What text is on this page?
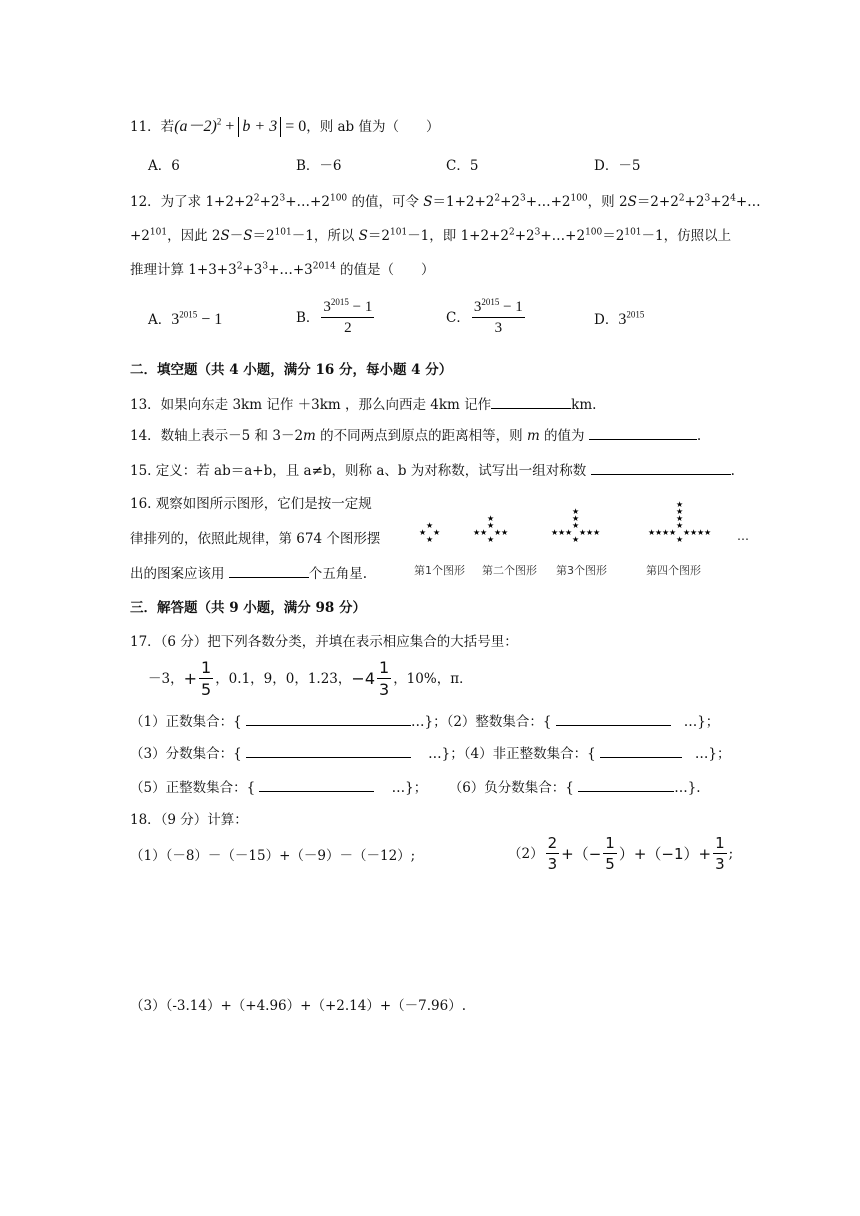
11．若$(a-2)^2 + b + 3 = 0$，则 ab 值为（　　）
A．6	B．－6	C．5	D．－5
12．为了求 $1+2+2^2+2^3+\dots+2^{100}$ 的值，可令 $S=1+2+2^2+2^3+\dots+2^{100}$，则 $2S=2+2^2+2^3+2^4+\dots$
$+2^{101}$，因此 $2S-S=2^{101}-1$，所以 $S=2^{101}-1$，即 $1+2+2^2+2^3+\dots+2^{100}=2^{101}-1$，仿照以上
推理计算 $1+3+3^2+3^3+\dots+3^{2014}$ 的值是（　　）
A．$3^{2015} - 1$	B． $\frac{3^{2015} - 1}{2}$	C． $\frac{3^{2015} - 1}{3}$	D．$3^{2015}$
二．填空题（共 4 小题，满分 16 分，每小题 4 分）
13．如果向东走 3km 记作 ＋3km ，那么向西走 4km 记作	km.
14．数轴上表示－5 和 3－2m 的不同两点到原点的距离相等，则 m 的值为	.
15. 定义：若 ab＝a+b，且 a≠b，则称 a、b 为对称数，试写出一组对称数	.
16. 观察如图所示图形，它们是按一定规
律排列的，依照此规律，第 674 个图形摆
出的图案应该用	个五角星.
★ ★
★
★
★
★ ★ ★
★
★
★
★
★
★	★ ★ ★
★
★
★
★
★
★
★
★	★ ★ ★ ★
★
★
★
★
★
第1个图形 第二个图形 第3个图形	第四个图形
…
三．解答题（共 9 小题，满分 98 分）
17．（6 分）把下列各数分类，并填在表示相应集合的大括号里：
－3，+ $\frac{1}{5}$ ，0.1，9，0，1.23，$-4 \frac{1}{3}$ ，10%，π．
（1）正数集合：{	…}；（2）整数集合：{	…}；
（3）分数集合：{	…}；（4）非正整数集合：{	…}；
（5）正整数集合：{	…}； （6）负分数集合：{	…}.
18．（9 分）计算：
（1）（－8）－（－15）+（－9）－（－12）;	$(2) \frac{2}{3}$ +（− $\frac{1}{5} )+(-1)+ \frac{1}{3}$ ;
（3）（-3.14）+（+4.96）+（+2.14）+（－7.96）.
